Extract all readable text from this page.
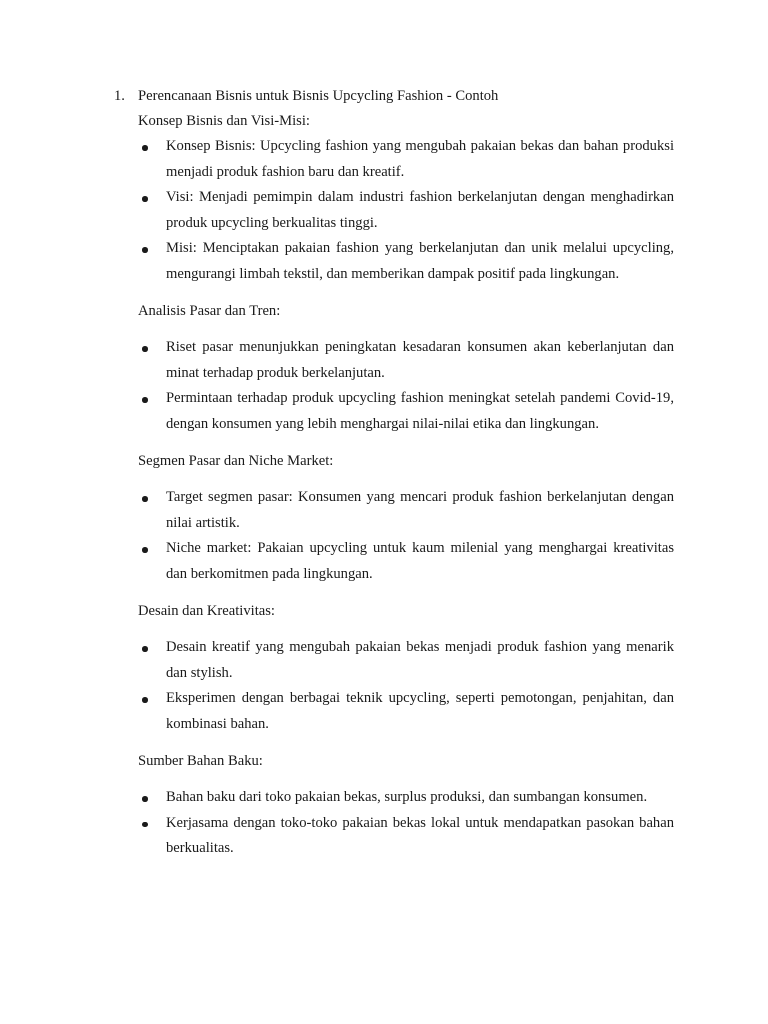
1. Perencanaan Bisnis untuk Bisnis Upcycling Fashion - Contoh
Konsep Bisnis dan Visi-Misi:
Konsep Bisnis: Upcycling fashion yang mengubah pakaian bekas dan bahan produksi menjadi produk fashion baru dan kreatif.
Visi: Menjadi pemimpin dalam industri fashion berkelanjutan dengan menghadirkan produk upcycling berkualitas tinggi.
Misi: Menciptakan pakaian fashion yang berkelanjutan dan unik melalui upcycling, mengurangi limbah tekstil, dan memberikan dampak positif pada lingkungan.
Analisis Pasar dan Tren:
Riset pasar menunjukkan peningkatan kesadaran konsumen akan keberlanjutan dan minat terhadap produk berkelanjutan.
Permintaan terhadap produk upcycling fashion meningkat setelah pandemi Covid-19, dengan konsumen yang lebih menghargai nilai-nilai etika dan lingkungan.
Segmen Pasar dan Niche Market:
Target segmen pasar: Konsumen yang mencari produk fashion berkelanjutan dengan nilai artistik.
Niche market: Pakaian upcycling untuk kaum milenial yang menghargai kreativitas dan berkomitmen pada lingkungan.
Desain dan Kreativitas:
Desain kreatif yang mengubah pakaian bekas menjadi produk fashion yang menarik dan stylish.
Eksperimen dengan berbagai teknik upcycling, seperti pemotongan, penjahitan, dan kombinasi bahan.
Sumber Bahan Baku:
Bahan baku dari toko pakaian bekas, surplus produksi, dan sumbangan konsumen.
Kerjasama dengan toko-toko pakaian bekas lokal untuk mendapatkan pasokan bahan berkualitas.
